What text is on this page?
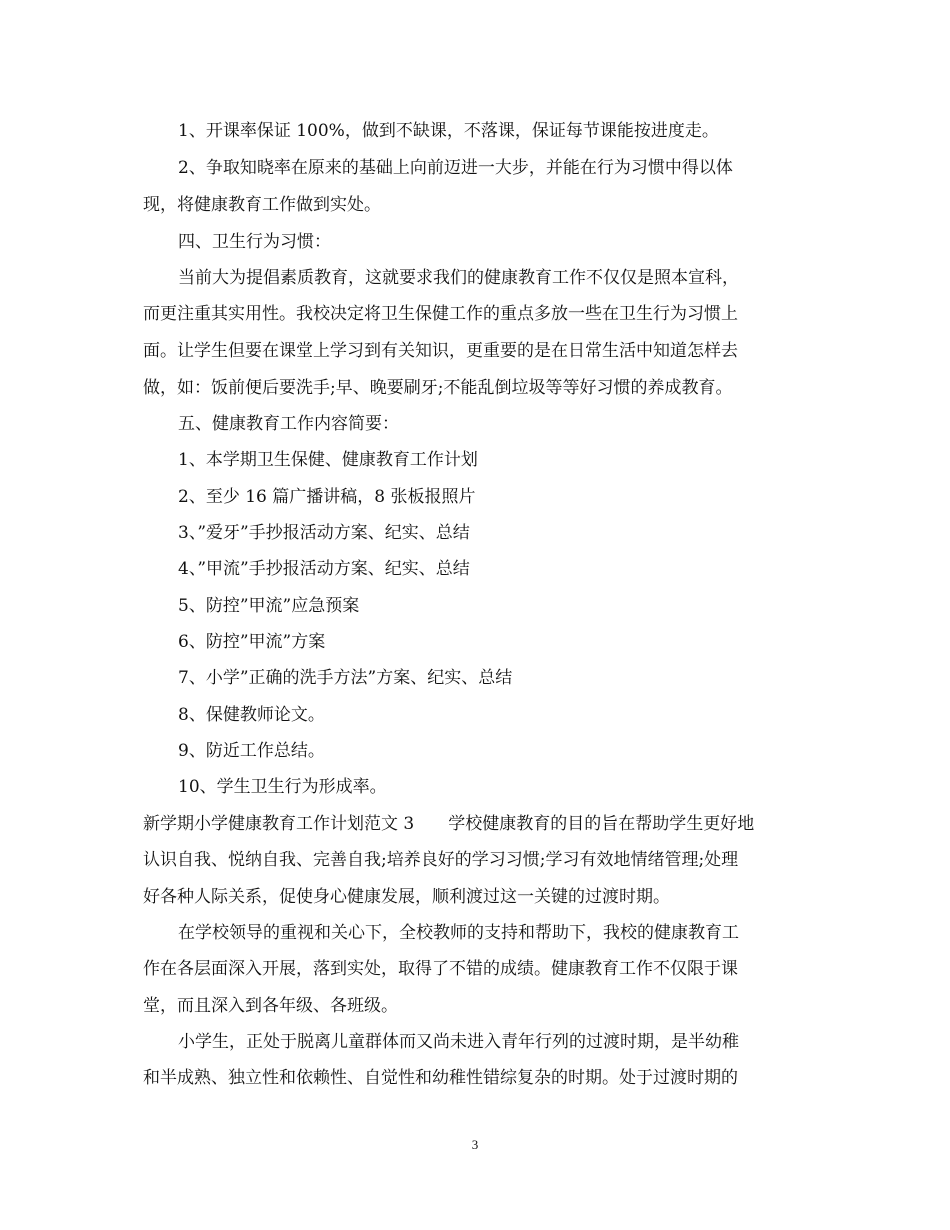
1、开课率保证 100%，做到不缺课，不落课，保证每节课能按进度走。
2、争取知晓率在原来的基础上向前迈进一大步，并能在行为习惯中得以体
现，将健康教育工作做到实处。
四、卫生行为习惯：
当前大为提倡素质教育，这就要求我们的健康教育工作不仅仅是照本宣科，
而更注重其实用性。我校决定将卫生保健工作的重点多放一些在卫生行为习惯上
面。让学生但要在课堂上学习到有关知识，更重要的是在日常生活中知道怎样去
做，如：饭前便后要洗手;早、晚要刷牙;不能乱倒垃圾等等好习惯的养成教育。
五、健康教育工作内容简要：
1、本学期卫生保健、健康教育工作计划
2、至少 16 篇广播讲稿，8 张板报照片
3、”爱牙”手抄报活动方案、纪实、总结
4、”甲流”手抄报活动方案、纪实、总结
5、防控”甲流”应急预案
6、防控”甲流”方案
7、小学”正确的洗手方法”方案、纪实、总结
8、保健教师论文。
9、防近工作总结。
10、学生卫生行为形成率。
新学期小学健康教育工作计划范文 3　　学校健康教育的目的旨在帮助学生更好地
认识自我、悦纳自我、完善自我;培养良好的学习习惯;学习有效地情绪管理;处理
好各种人际关系，促使身心健康发展，顺利渡过这一关键的过渡时期。
在学校领导的重视和关心下，全校教师的支持和帮助下，我校的健康教育工
作在各层面深入开展，落到实处，取得了不错的成绩。健康教育工作不仅限于课
堂，而且深入到各年级、各班级。
小学生，正处于脱离儿童群体而又尚未进入青年行列的过渡时期，是半幼稚
和半成熟、独立性和依赖性、自觉性和幼稚性错综复杂的时期。处于过渡时期的
3
